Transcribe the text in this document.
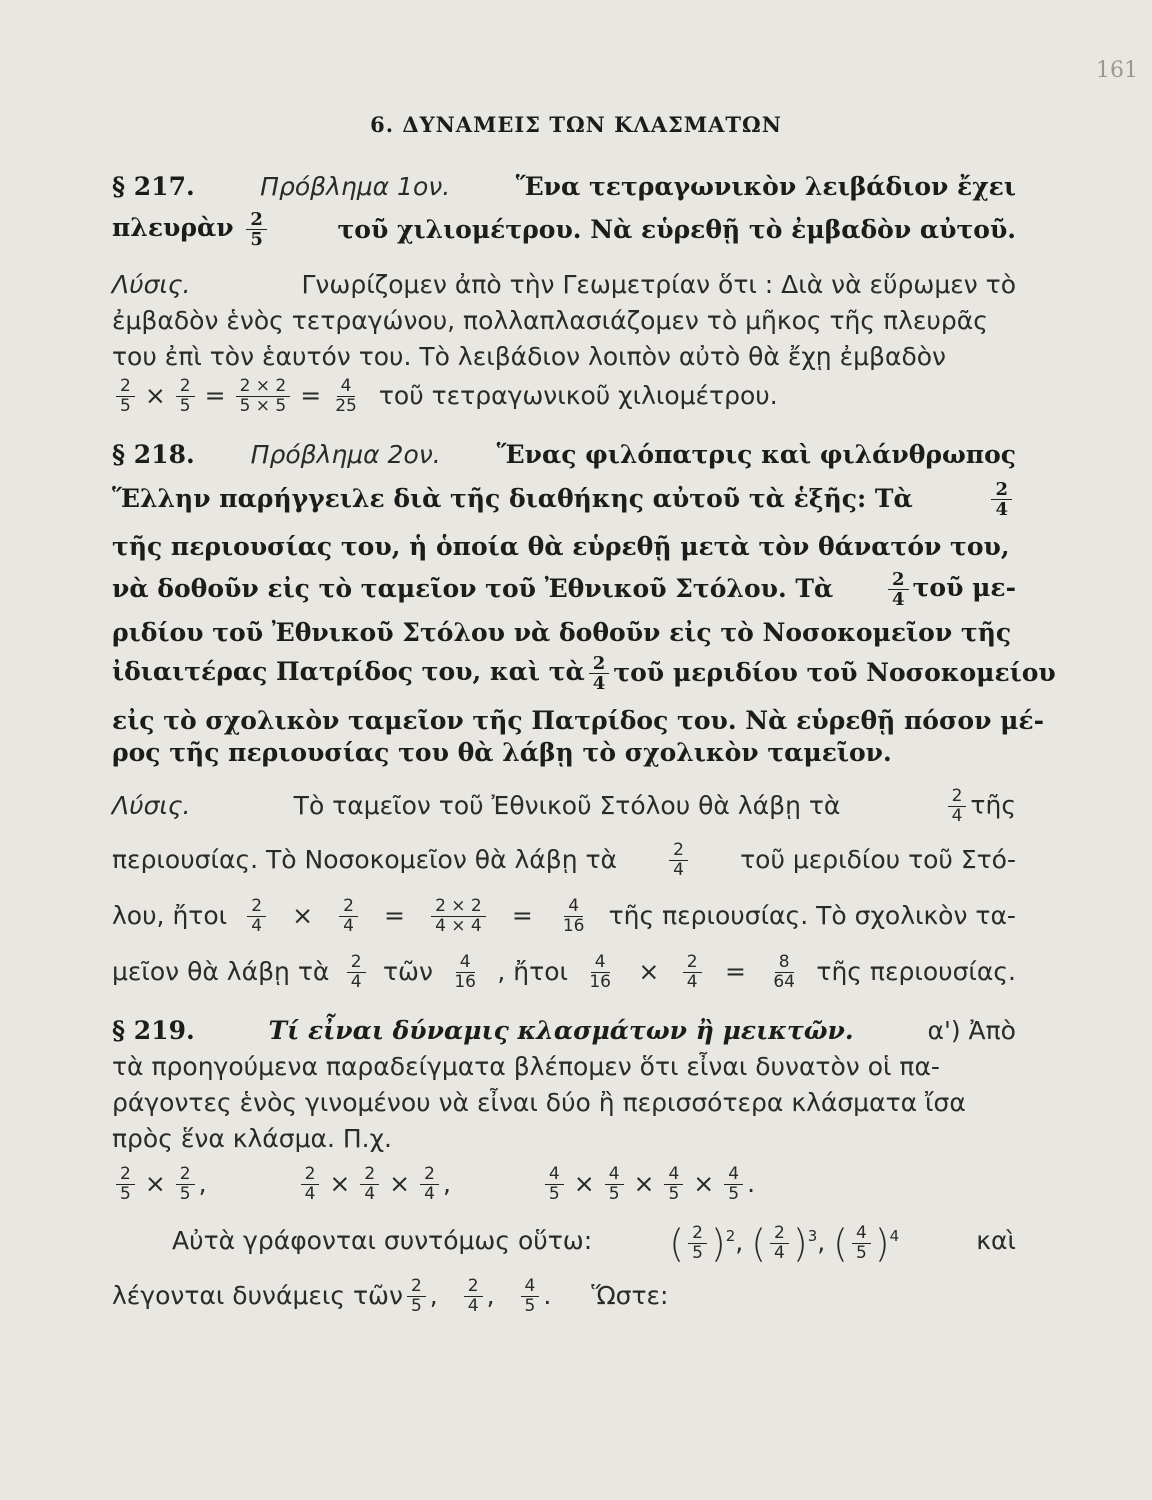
161
6. ΔΥΝΑΜΕΙΣ ΤΩΝ ΚΛΑΣΜΑΤΩΝ
§ 217.	Πρόβλημα 1ον.	Ἕνα τετραγωνικὸν λειβάδιον ἔχει
πλευρὰν $\frac{2}{5}$	τοῦ χιλιομέτρου. Νὰ εὑρεθῇ τὸ ἐμβαδὸν αὐτοῦ.
Λύσις.	Γνωρίζομεν ἀπὸ τὴν Γεωμετρίαν ὅτι : Διὰ νὰ εὕρωμεν τὸ
ἐμβαδὸν ἑνὸς τετραγώνου, πολλαπλασιάζομεν τὸ μῆκος τῆς πλευρᾶς
του ἐπὶ τὸν ἑαυτόν του. Τὸ λειβάδιον λοιπὸν αὐτὸ θὰ ἔχῃ ἐμβαδὸν
$\frac{2}{5} \times \frac{2}{5} = \frac{2 \times 2}{5 \times 5} = \frac{4}{25}$ τοῦ τετραγωνικοῦ χιλιομέτρου.
§ 218. Πρόβλημα 2ον. Ἕνας φιλόπατρις καὶ φιλάνθρωπος
Ἕλλην παρήγγειλε διὰ τῆς διαθήκης αὐτοῦ τὰ ἑξῆς: Τὰ	$\frac{2}{4}$
τῆς περιουσίας του, ἡ ὁποία θὰ εὑρεθῇ μετὰ τὸν θάνατόν του,
νὰ δοθοῦν εἰς τὸ ταμεῖον τοῦ Ἐθνικοῦ Στόλου. Τὰ	$\frac{2}{4}$ τοῦ με-
ριδίου τοῦ Ἐθνικοῦ Στόλου νὰ δοθοῦν εἰς τὸ Νοσοκομεῖον τῆς
ἰδιαιτέρας Πατρίδος του, καὶ τὰ $\frac{2}{4}$ τοῦ μεριδίου τοῦ Νοσοκομείου
εἰς τὸ σχολικὸν ταμεῖον τῆς Πατρίδος του. Νὰ εὑρεθῇ πόσον μέ-
ρος τῆς περιουσίας του θὰ λάβῃ τὸ σχολικὸν ταμεῖον.
Λύσις.	Τὸ ταμεῖον τοῦ Ἐθνικοῦ Στόλου θὰ λάβῃ τὰ	$\frac{2}{4}$ τῆς
περιουσίας. Τὸ Νοσοκομεῖον θὰ λάβῃ τὰ	$\frac{2}{4}$ τοῦ μεριδίου τοῦ Στό-
λου, ἤτοι $\frac{2}{4} \times \frac{2}{4} = \frac{2 \times 2}{4 \times 4} = \frac{4}{16}$ τῆς περιουσίας. Τὸ σχολικὸν τα-
μεῖον θὰ λάβῃ τὰ $\frac{2}{4}$ τῶν $\frac{4}{16}$ , ἤτοι $\frac{4}{16} \times \frac{2}{4} = \frac{8}{64}$ τῆς περιουσίας.
§ 219.	Τί εἶναι δύναμις κλασμάτων ἢ μεικτῶν.	α') Ἀπὸ
τὰ προηγούμενα παραδείγματα βλέπομεν ὅτι εἶναι δυνατὸν οἱ πα-
ράγοντες ἑνὸς γινομένου νὰ εἶναι δύο ἢ περισσότερα κλάσματα ἴσα
πρὸς ἕνα κλάσμα. Π.χ.
$\frac{2}{5} \times \frac{2}{5}$ ,	$\frac{2}{4} \times \frac{2}{4} \times \frac{2}{4}$ ,	$\frac{4}{5} \times \frac{4}{5} \times \frac{4}{5} \times \frac{4}{5}$ .
Αὐτὰ γράφονται συντόμως οὕτω: ( $\frac{2}{5} )^2$, ( $\frac{2}{4} )^3$, ( $\frac{4}{5} )^4$	καὶ
λέγονται δυνάμεις τῶν $\frac{2}{5}$ , $\frac{2}{4}$ , $\frac{4}{5}$ . Ὥστε:
